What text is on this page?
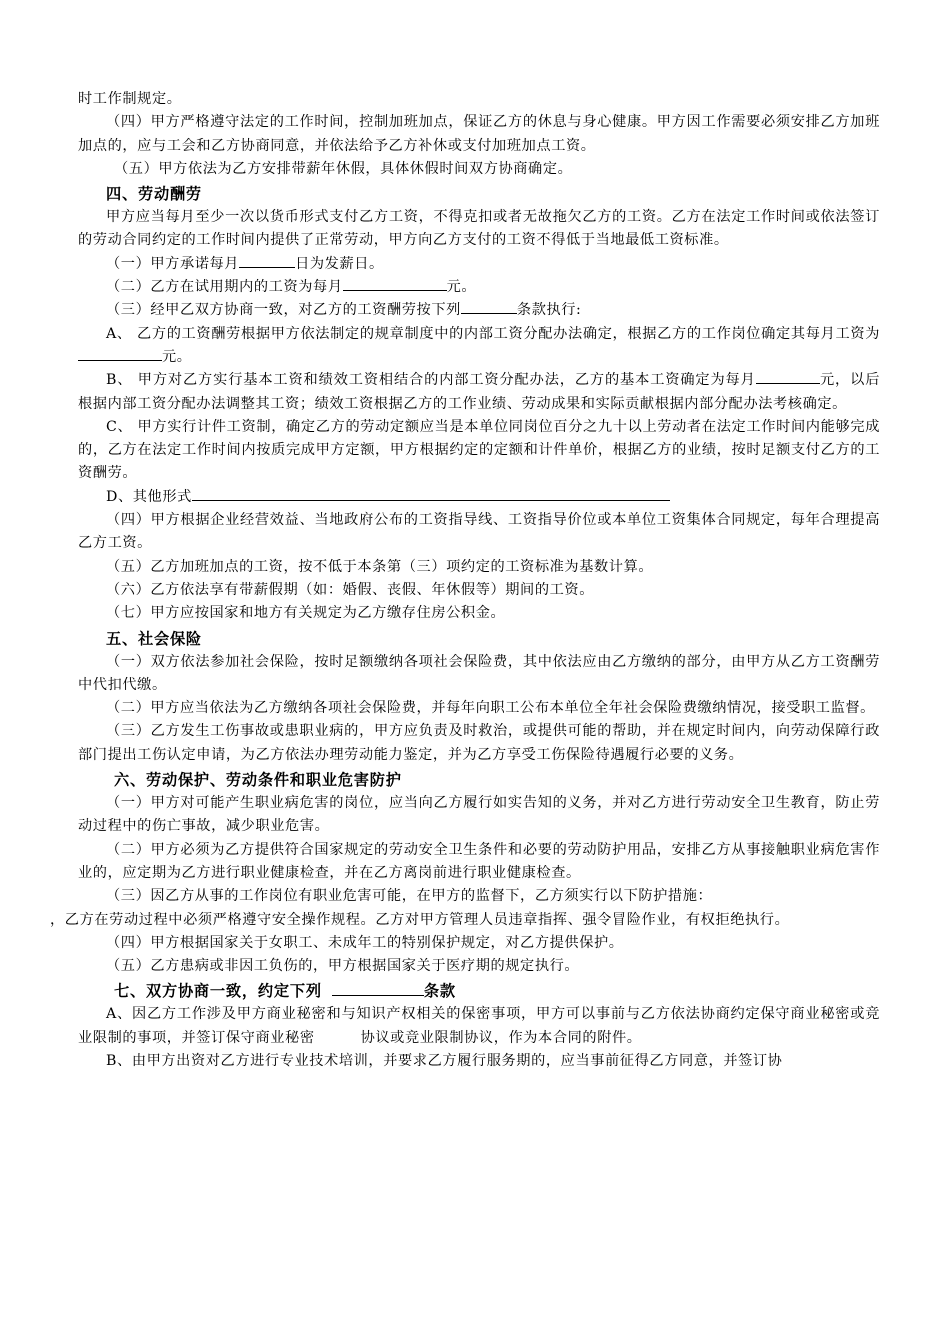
时工作制规定。

（四）甲方严格遵守法定的工作时间，控制加班加点，保证乙方的休息与身心健康。甲方因工作需要必须安排乙方加班加点的，应与工会和乙方协商同意，并依法给予乙方补休或支付加班加点工资。

（五）甲方依法为乙方安排带薪年休假，具体休假时间双方协商确定。

四、劳动酬劳

甲方应当每月至少一次以货币形式支付乙方工资，不得克扣或者无故拖欠乙方的工资。乙方在法定工作时间或依法签订的劳动合同约定的工作时间内提供了正常劳动，甲方向乙方支付的工资不得低于当地最低工资标准。

（一）甲方承诺每月	日为发薪日。

（二）乙方在试用期内的工资为每月	元。

（三）经甲乙双方协商一致，对乙方的工资酬劳按下列	条款执行:

A、 乙方的工资酬劳根据甲方依法制定的规章制度中的内部工资分配办法确定，根据乙方的工作岗位确定其每月工资为元。

B、 甲方对乙方实行基本工资和绩效工资相结合的内部工资分配办法，乙方的基本工资确定为每月	元，以后根据内部工资分配办法调整其工资；绩效工资根据乙方的工作业绩、劳动成果和实际贡献根据内部分配办法考核确定。

C、 甲方实行计件工资制，确定乙方的劳动定额应当是本单位同岗位百分之九十以上劳动者在法定工作时间内能够完成的，乙方在法定工作时间内按质完成甲方定额，甲方根据约定的定额和计件单价，根据乙方的业绩，按时足额支付乙方的工资酬劳。

D、其他形式

（四）甲方根据企业经营效益、当地政府公布的工资指导线、工资指导价位或本单位工资集体合同规定，每年合理提高乙方工资。

（五）乙方加班加点的工资，按不低于本条第（三）项约定的工资标准为基数计算。

（六）乙方依法享有带薪假期（如：婚假、丧假、年休假等）期间的工资。

（七）甲方应按国家和地方有关规定为乙方缴存住房公积金。

五、社会保险

（一）双方依法参加社会保险，按时足额缴纳各项社会保险费，其中依法应由乙方缴纳的部分，由甲方从乙方工资酬劳中代扣代缴。

（二）甲方应当依法为乙方缴纳各项社会保险费，并每年向职工公布本单位全年社会保险费缴纳情况，接受职工监督。

（三）乙方发生工伤事故或患职业病的，甲方应负责及时救治，或提供可能的帮助，并在规定时间内，向劳动保障行政部门提出工伤认定申请，为乙方依法办理劳动能力鉴定，并为乙方享受工伤保险待遇履行必要的义务。

六、劳动保护、劳动条件和职业危害防护

（一）甲方对可能产生职业病危害的岗位，应当向乙方履行如实告知的义务，并对乙方进行劳动安全卫生教育，防止劳动过程中的伤亡事故，减少职业危害。

（二）甲方必须为乙方提供符合国家规定的劳动安全卫生条件和必要的劳动防护用品，安排乙方从事接触职业病危害作业的，应定期为乙方进行职业健康检查，并在乙方离岗前进行职业健康检查。

（三）因乙方从事的工作岗位有职业危害可能，在甲方的监督下，乙方须实行以下防护措施：
，乙方在劳动过程中必须严格遵守安全操作规程。乙方对甲方管理人员违章指挥、强令冒险作业，有权拒绝执行。

（四）甲方根据国家关于女职工、未成年工的特别保护规定，对乙方提供保护。

（五）乙方患病或非因工负伤的，甲方根据国家关于医疗期的规定执行。

七、双方协商一致，约定下列	条款

A、因乙方工作涉及甲方商业秘密和与知识产权相关的保密事项，甲方可以事前与乙方依法协商约定保守商业秘密或竞业限制的事项，并签订保守商业秘密	协议或竞业限制协议，作为本合同的附件。

B、由甲方出资对乙方进行专业技术培训，并要求乙方履行服务期的，应当事前征得乙方同意，并签订协
